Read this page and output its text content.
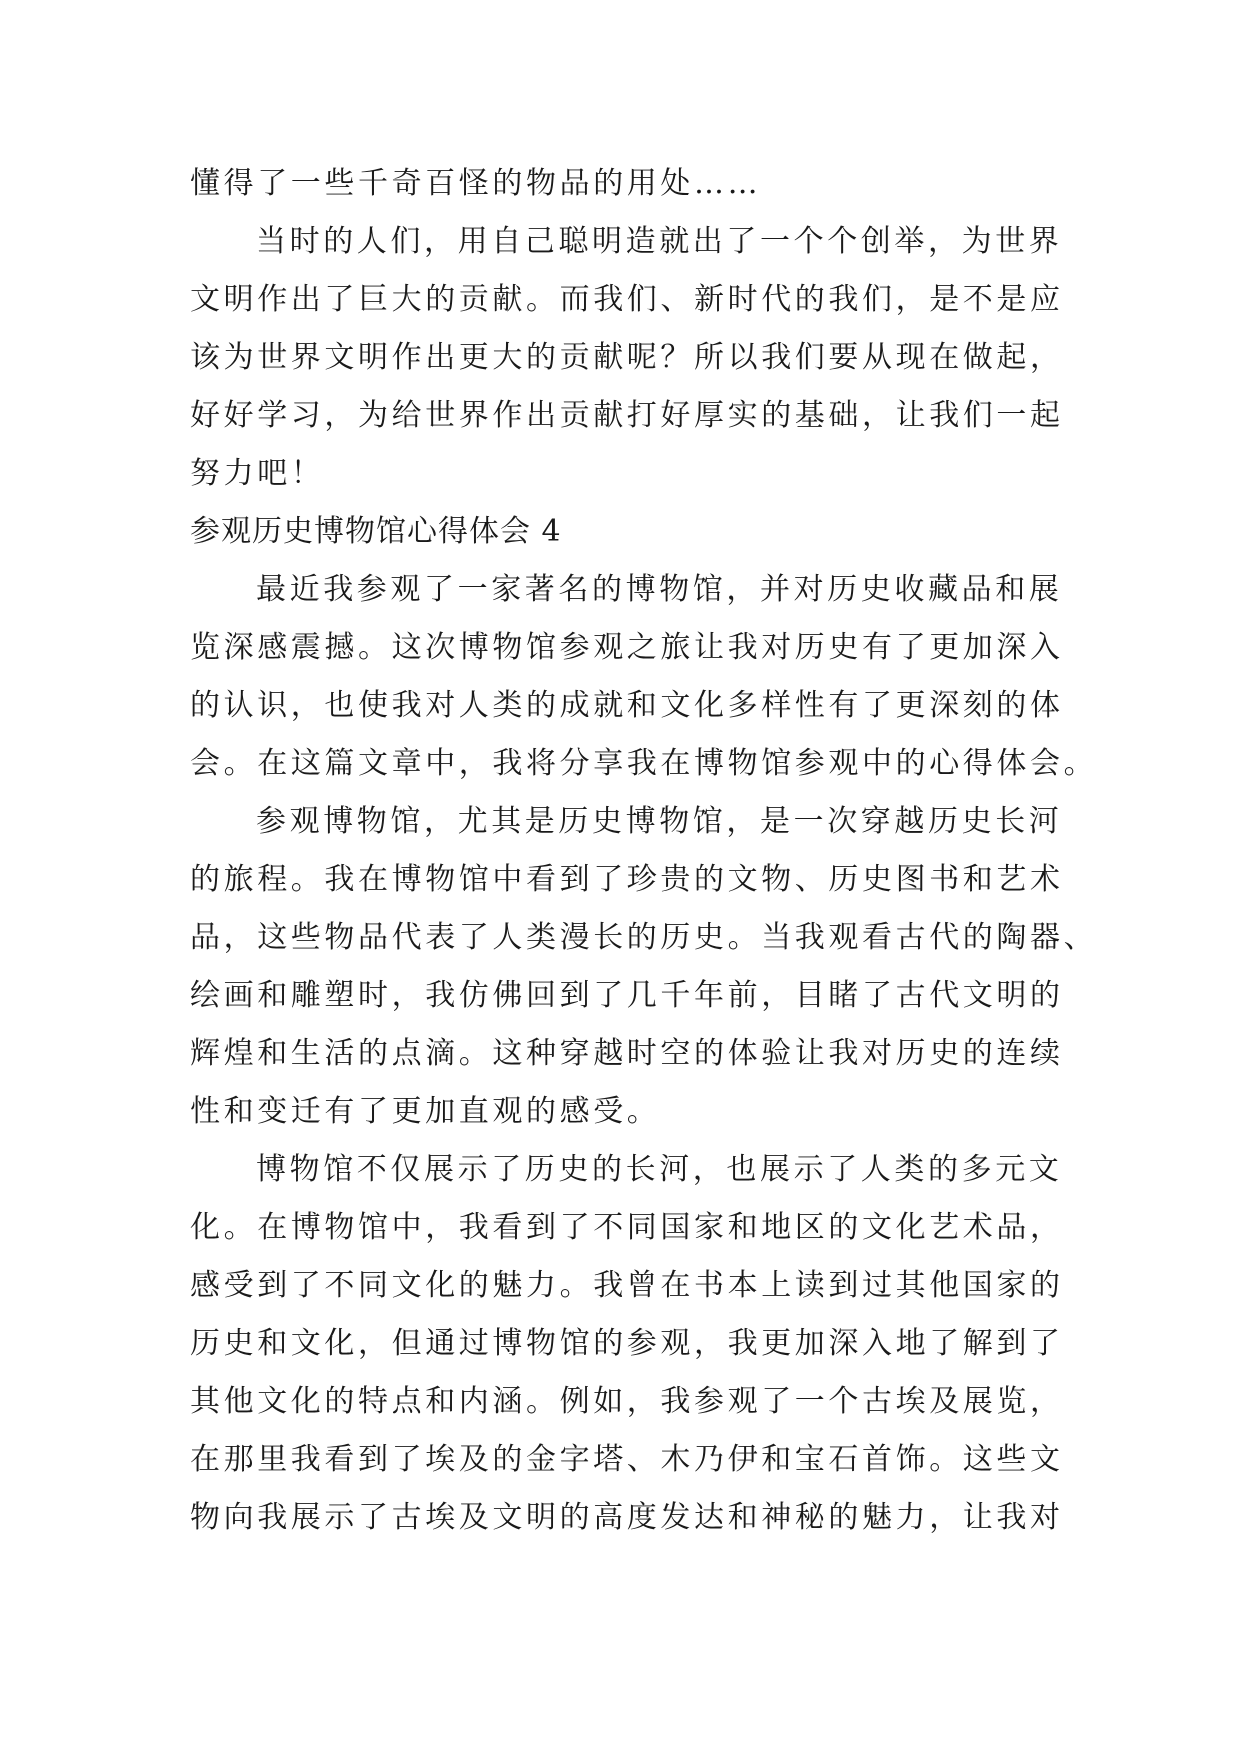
懂得了一些千奇百怪的物品的用处……
当时的人们，用自己聪明造就出了一个个创举，为世界
文明作出了巨大的贡献。而我们、新时代的我们，是不是应
该为世界文明作出更大的贡献呢？所以我们要从现在做起，
好好学习，为给世界作出贡献打好厚实的基础，让我们一起
努力吧！
参观历史博物馆心得体会 4
最近我参观了一家著名的博物馆，并对历史收藏品和展
览深感震撼。这次博物馆参观之旅让我对历史有了更加深入
的认识，也使我对人类的成就和文化多样性有了更深刻的体
会。在这篇文章中，我将分享我在博物馆参观中的心得体会。
参观博物馆，尤其是历史博物馆，是一次穿越历史长河
的旅程。我在博物馆中看到了珍贵的文物、历史图书和艺术
品，这些物品代表了人类漫长的历史。当我观看古代的陶器、
绘画和雕塑时，我仿佛回到了几千年前，目睹了古代文明的
辉煌和生活的点滴。这种穿越时空的体验让我对历史的连续
性和变迁有了更加直观的感受。
博物馆不仅展示了历史的长河，也展示了人类的多元文
化。在博物馆中，我看到了不同国家和地区的文化艺术品，
感受到了不同文化的魅力。我曾在书本上读到过其他国家的
历史和文化，但通过博物馆的参观，我更加深入地了解到了
其他文化的特点和内涵。例如，我参观了一个古埃及展览，
在那里我看到了埃及的金字塔、木乃伊和宝石首饰。这些文
物向我展示了古埃及文明的高度发达和神秘的魅力，让我对
